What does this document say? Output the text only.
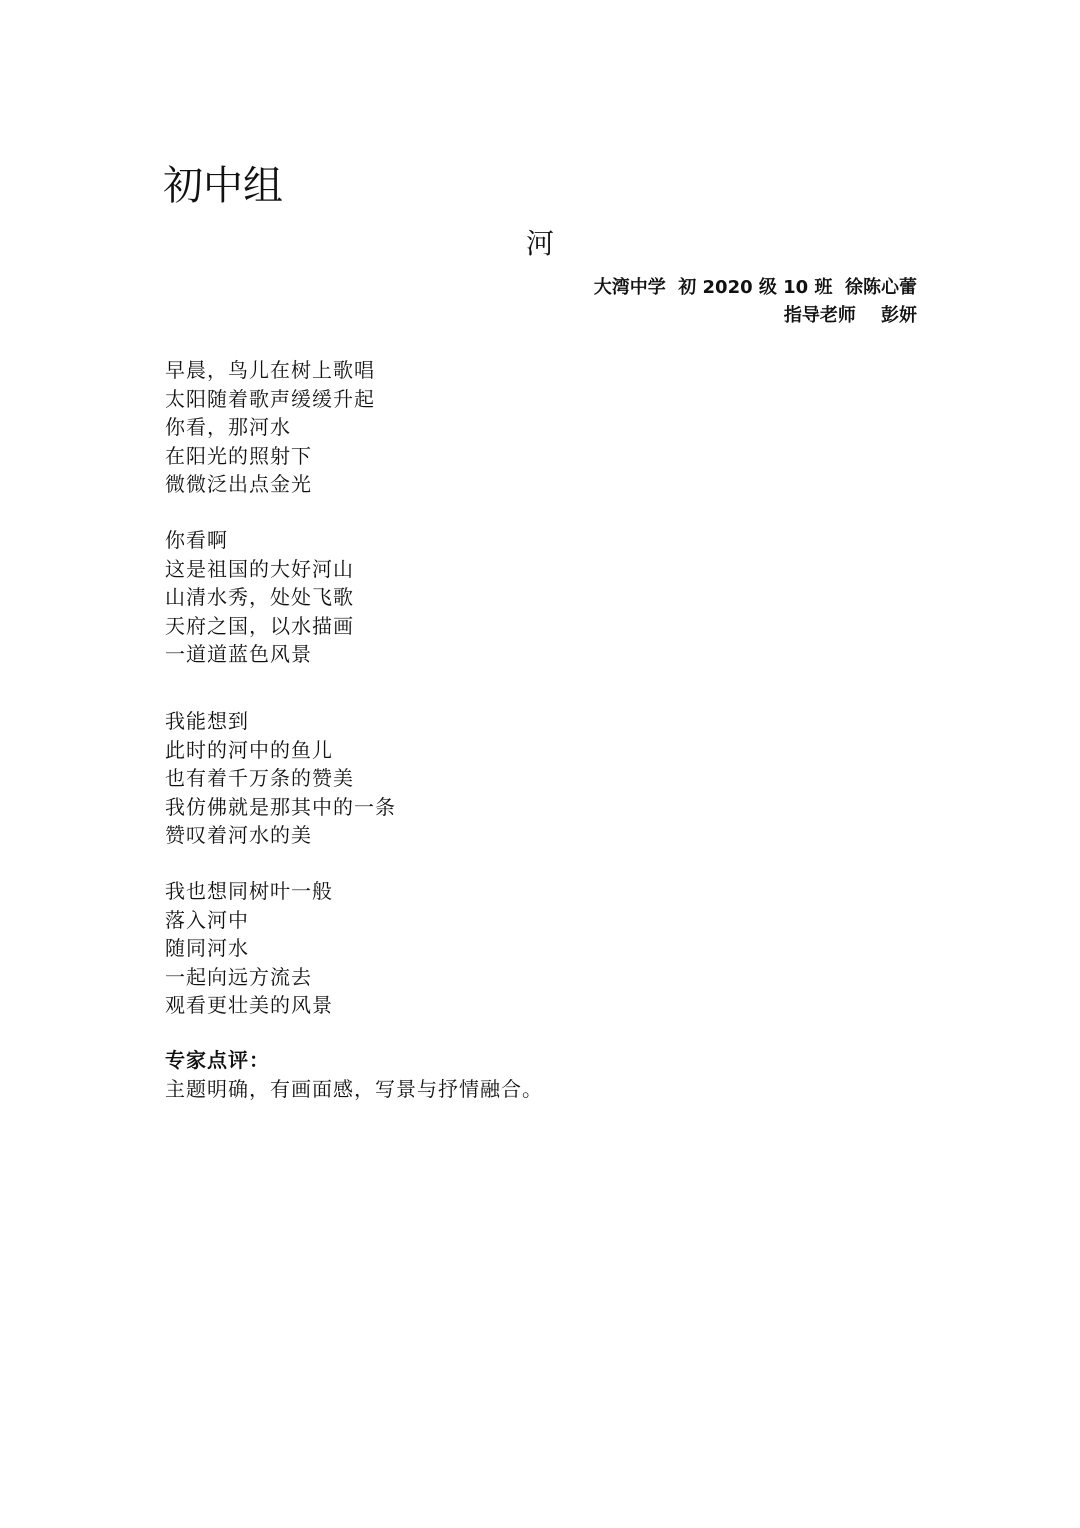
初中组
河
大湾中学  初 2020 级 10 班  徐陈心蕾
指导老师    彭妍
早晨，鸟儿在树上歌唱
太阳随着歌声缓缓升起
你看，那河水
在阳光的照射下
微微泛出点金光
你看啊
这是祖国的大好河山
山清水秀，处处飞歌
天府之国，以水描画
一道道蓝色风景
我能想到
此时的河中的鱼儿
也有着千万条的赞美
我仿佛就是那其中的一条
赞叹着河水的美
我也想同树叶一般
落入河中
随同河水
一起向远方流去
观看更壮美的风景
专家点评：
主题明确，有画面感，写景与抒情融合。
